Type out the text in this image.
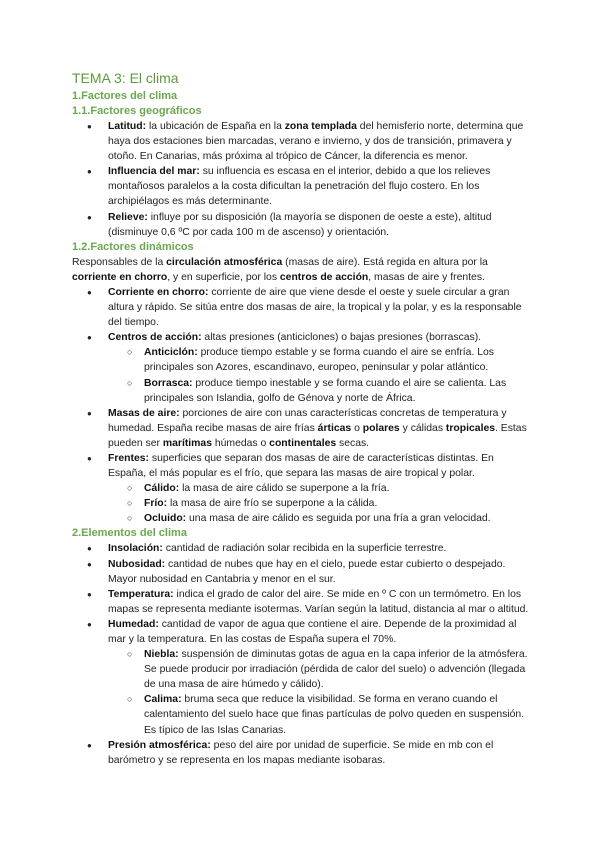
TEMA 3: El clima
1.Factores del clima
1.1.Factores geográficos
● Latitud: la ubicación de España en la zona templada del hemisferio norte, determina que haya dos estaciones bien marcadas, verano e invierno, y dos de transición, primavera y otoño. En Canarias, más próxima al trópico de Cáncer, la diferencia es menor.
● Influencia del mar: su influencia es escasa en el interior, debido a que los relieves montañosos paralelos a la costa dificultan la penetración del flujo costero. En los archipiélagos es más determinante.
● Relieve: influye por su disposición (la mayoría se disponen de oeste a este), altitud (disminuye 0,6 ºC por cada 100 m de ascenso) y orientación.
1.2.Factores dinámicos

Responsables de la circulación atmosférica (masas de aire). Está regida en altura por la corriente en chorro, y en superficie, por los centros de acción, masas de aire y frentes.

● Corriente en chorro: corriente de aire que viene desde el oeste y suele circular a gran altura y rápido. Se sitúa entre dos masas de aire, la tropical y la polar, y es la responsable del tiempo.
● Centros de acción: altas presiones (anticiclones) o bajas presiones (borrascas).
○ Anticiclón: produce tiempo estable y se forma cuando el aire se enfría. Los principales son Azores, escandinavo, europeo, peninsular y polar atlántico.
○ Borrasca: produce tiempo inestable y se forma cuando el aire se calienta. Las principales son Islandia, golfo de Génova y norte de África.
● Masas de aire: porciones de aire con unas características concretas de temperatura y humedad. España recibe masas de aire frías árticas o polares y cálidas tropicales. Estas pueden ser marítimas húmedas o continentales secas.
● Frentes: superficies que separan dos masas de aire de características distintas. En España, el más popular es el frío, que separa las masas de aire tropical y polar.
○ Cálido: la masa de aire cálido se superpone a la fría.
○ Frío: la masa de aire frío se superpone a la cálida.
○ Ocluido: una masa de aire cálido es seguida por una fría a gran velocidad.
2.Elementos del clima
● Insolación: cantidad de radiación solar recibida en la superficie terrestre.
● Nubosidad: cantidad de nubes que hay en el cielo, puede estar cubierto o despejado. Mayor nubosidad en Cantabria y menor en el sur.
● Temperatura: indica el grado de calor del aire. Se mide en º C con un termómetro. En los mapas se representa mediante isotermas. Varían según la latitud, distancia al mar o altitud.
● Humedad: cantidad de vapor de agua que contiene el aire. Depende de la proximidad al mar y la temperatura. En las costas de España supera el 70%.
○ Niebla: suspensión de diminutas gotas de agua en la capa inferior de la atmósfera. Se puede producir por irradiación (pérdida de calor del suelo) o advención (llegada de una masa de aire húmedo y cálido).
○ Calima: bruma seca que reduce la visibilidad. Se forma en verano cuando el calentamiento del suelo hace que finas partículas de polvo queden en suspensión. Es típico de las Islas Canarias.
● Presión atmosférica: peso del aire por unidad de superficie. Se mide en mb con el barómetro y se representa en los mapas mediante isobaras.
